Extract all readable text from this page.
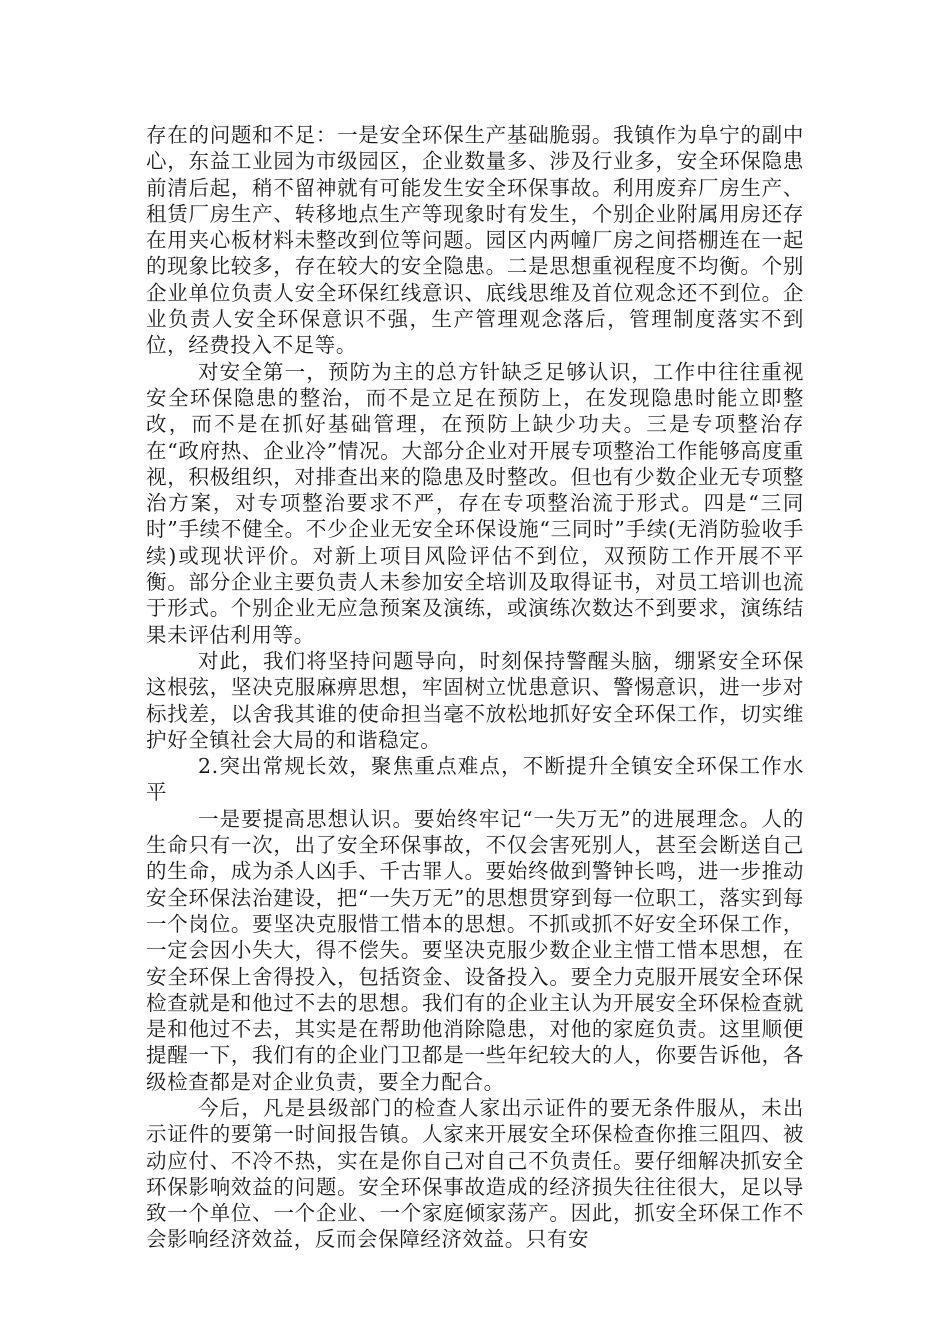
存在的问题和不足：一是安全环保生产基础脆弱。我镇作为阜宁的副中心，东益工业园为市级园区，企业数量多、涉及行业多，安全环保隐患前清后起，稍不留神就有可能发生安全环保事故。利用废弃厂房生产、租赁厂房生产、转移地点生产等现象时有发生，个别企业附属用房还存在用夹心板材料未整改到位等问题。园区内两幢厂房之间搭棚连在一起的现象比较多，存在较大的安全隐患。二是思想重视程度不均衡。个别企业单位负责人安全环保红线意识、底线思维及首位观念还不到位。企业负责人安全环保意识不强，生产管理观念落后，管理制度落实不到位，经费投入不足等。

对安全第一，预防为主的总方针缺乏足够认识，工作中往往重视安全环保隐患的整治，而不是立足在预防上，在发现隐患时能立即整改，而不是在抓好基础管理，在预防上缺少功夫。三是专项整治存在“政府热、企业冷”情况。大部分企业对开展专项整治工作能够高度重视，积极组织，对排查出来的隐患及时整改。但也有少数企业无专项整治方案，对专项整治要求不严，存在专项整治流于形式。四是“三同时”手续不健全。不少企业无安全环保设施“三同时”手续(无消防验收手续)或现状评价。对新上项目风险评估不到位，双预防工作开展不平衡。部分企业主要负责人未参加安全培训及取得证书，对员工培训也流于形式。个别企业无应急预案及演练，或演练次数达不到要求，演练结果未评估利用等。

对此，我们将坚持问题导向，时刻保持警醒头脑，绷紧安全环保这根弦，坚决克服麻痹思想，牢固树立忧患意识、警惕意识，进一步对标找差，以舍我其谁的使命担当毫不放松地抓好安全环保工作，切实维护好全镇社会大局的和谐稳定。

2.突出常规长效，聚焦重点难点，不断提升全镇安全环保工作水平

一是要提高思想认识。要始终牢记“一失万无”的进展理念。人的生命只有一次，出了安全环保事故，不仅会害死别人，甚至会断送自己的生命，成为杀人凶手、千古罪人。要始终做到警钟长鸣，进一步推动安全环保法治建设，把“一失万无”的思想贯穿到每一位职工，落实到每一个岗位。要坚决克服惜工惜本的思想。不抓或抓不好安全环保工作，一定会因小失大，得不偿失。要坚决克服少数企业主惜工惜本思想，在安全环保上舍得投入，包括资金、设备投入。要全力克服开展安全环保检查就是和他过不去的思想。我们有的企业主认为开展安全环保检查就是和他过不去，其实是在帮助他消除隐患，对他的家庭负责。这里顺便提醒一下，我们有的企业门卫都是一些年纪较大的人，你要告诉他，各级检查都是对企业负责，要全力配合。

今后，凡是县级部门的检查人家出示证件的要无条件服从，未出示证件的要第一时间报告镇。人家来开展安全环保检查你推三阻四、被动应付、不冷不热，实在是你自己对自己不负责任。要仔细解决抓安全环保影响效益的问题。安全环保事故造成的经济损失往往很大，足以导致一个单位、一个企业、一个家庭倾家荡产。因此，抓安全环保工作不会影响经济效益，反而会保障经济效益。只有安
